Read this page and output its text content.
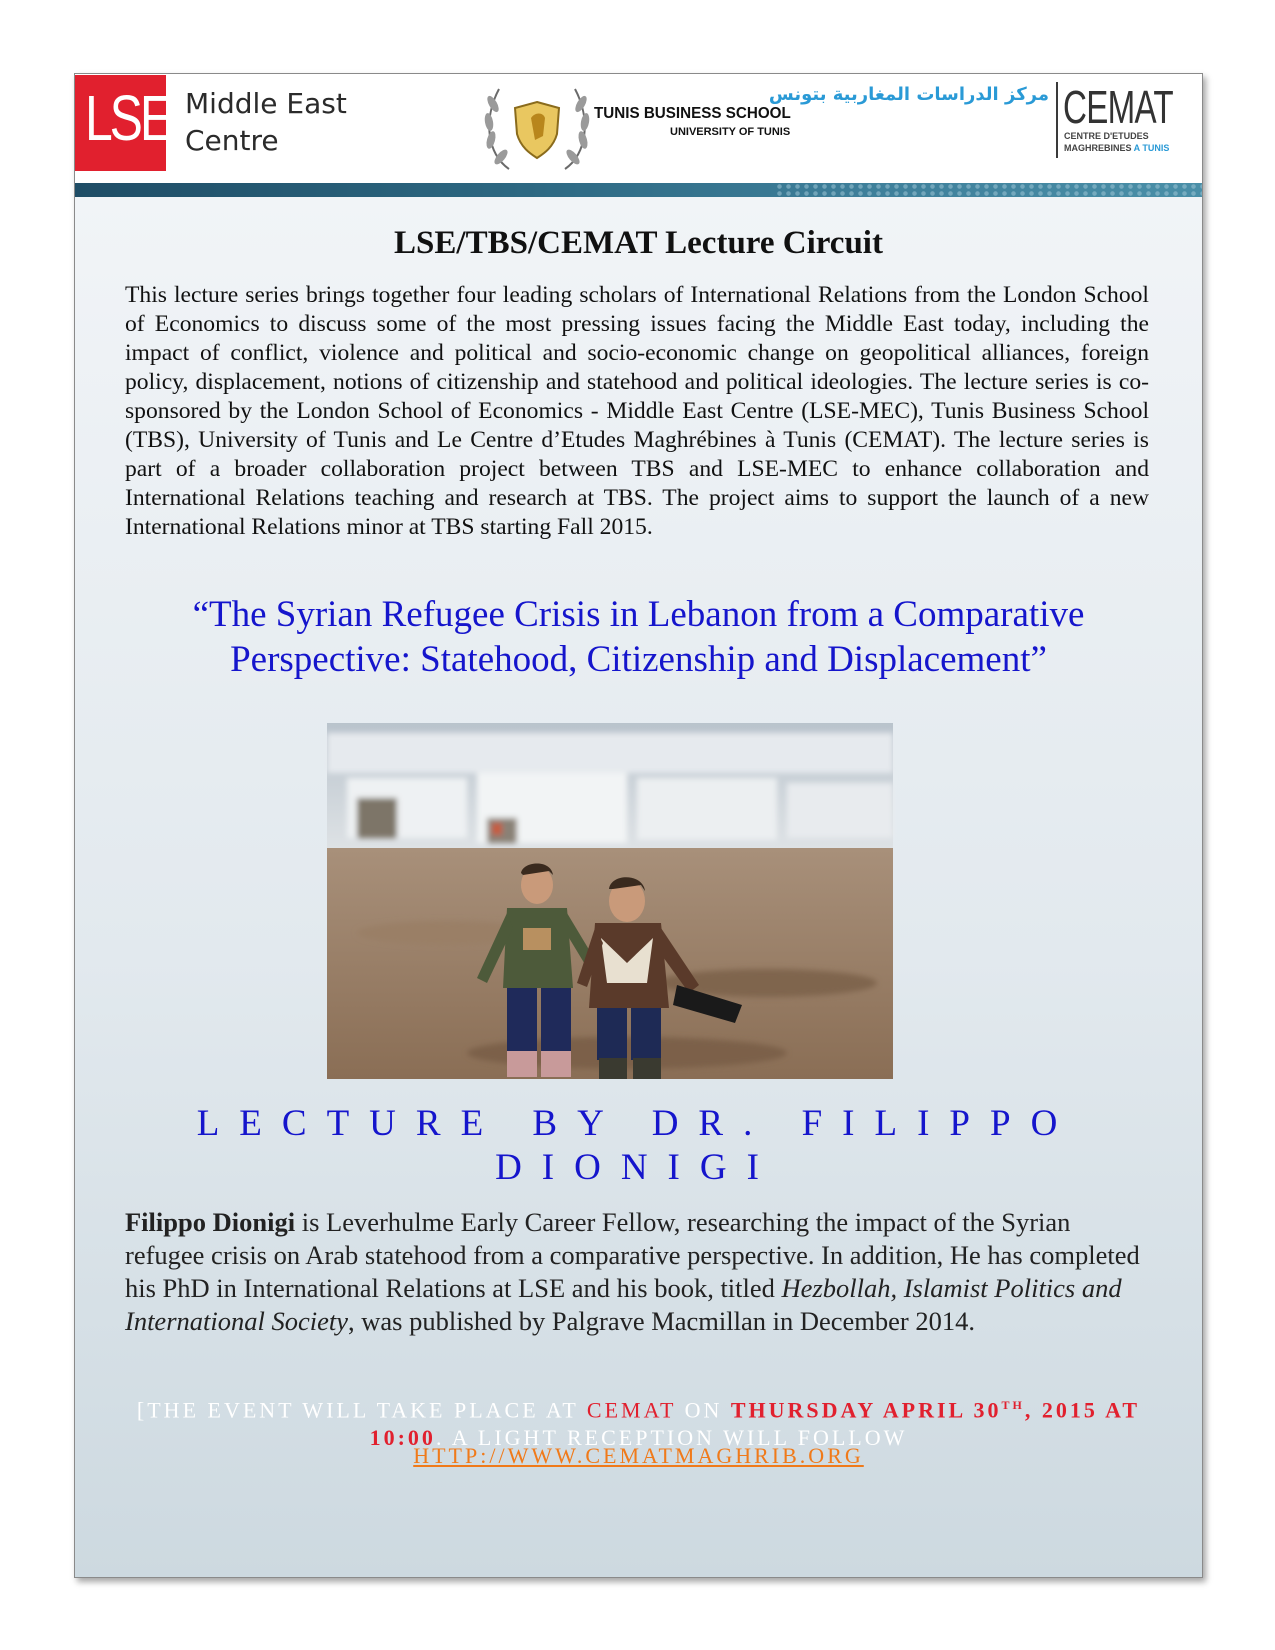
LSE Middle East Centre
TUNIS BUSINESS SCHOOL
UNIVERSITY OF TUNIS
مركز الدراسات المغاربية بتونس CEMAT
CENTRE D'ETUDES
MAGHREBINES A TUNIS
LSE/TBS/CEMAT Lecture Circuit

This lecture series brings together four leading scholars of International Relations from the London School of Economics to discuss some of the most pressing issues facing the Middle East today, including the impact of conflict, violence and political and socio-economic change on geopolitical alliances, foreign policy, displacement, notions of citizenship and statehood and political ideologies. The lecture series is co-sponsored by the London School of Economics - Middle East Centre (LSE-MEC), Tunis Business School (TBS), University of Tunis and Le Centre d’Etudes Maghrébines à Tunis (CEMAT). The lecture series is part of a broader collaboration project between TBS and LSE-MEC to enhance collaboration and International Relations teaching and research at TBS. The project aims to support the launch of a new International Relations minor at TBS starting Fall 2015.

“The Syrian Refugee Crisis in Lebanon from a Comparative Perspective: Statehood, Citizenship and Displacement”

LECTURE BY DR. FILIPPO DIONIGI

Filippo Dionigi is Leverhulme Early Career Fellow, researching the impact of the Syrian refugee crisis on Arab statehood from a comparative perspective. In addition, He has completed his PhD in International Relations at LSE and his book, titled Hezbollah, Islamist Politics and International Society, was published by Palgrave Macmillan in December 2014.

[THE EVENT WILL TAKE PLACE AT CEMAT ON THURSDAY APRIL 30TH, 2015 AT 10:00. A LIGHT RECEPTION WILL FOLLOW

HTTP://WWW.CEMATMAGHRIB.ORG
